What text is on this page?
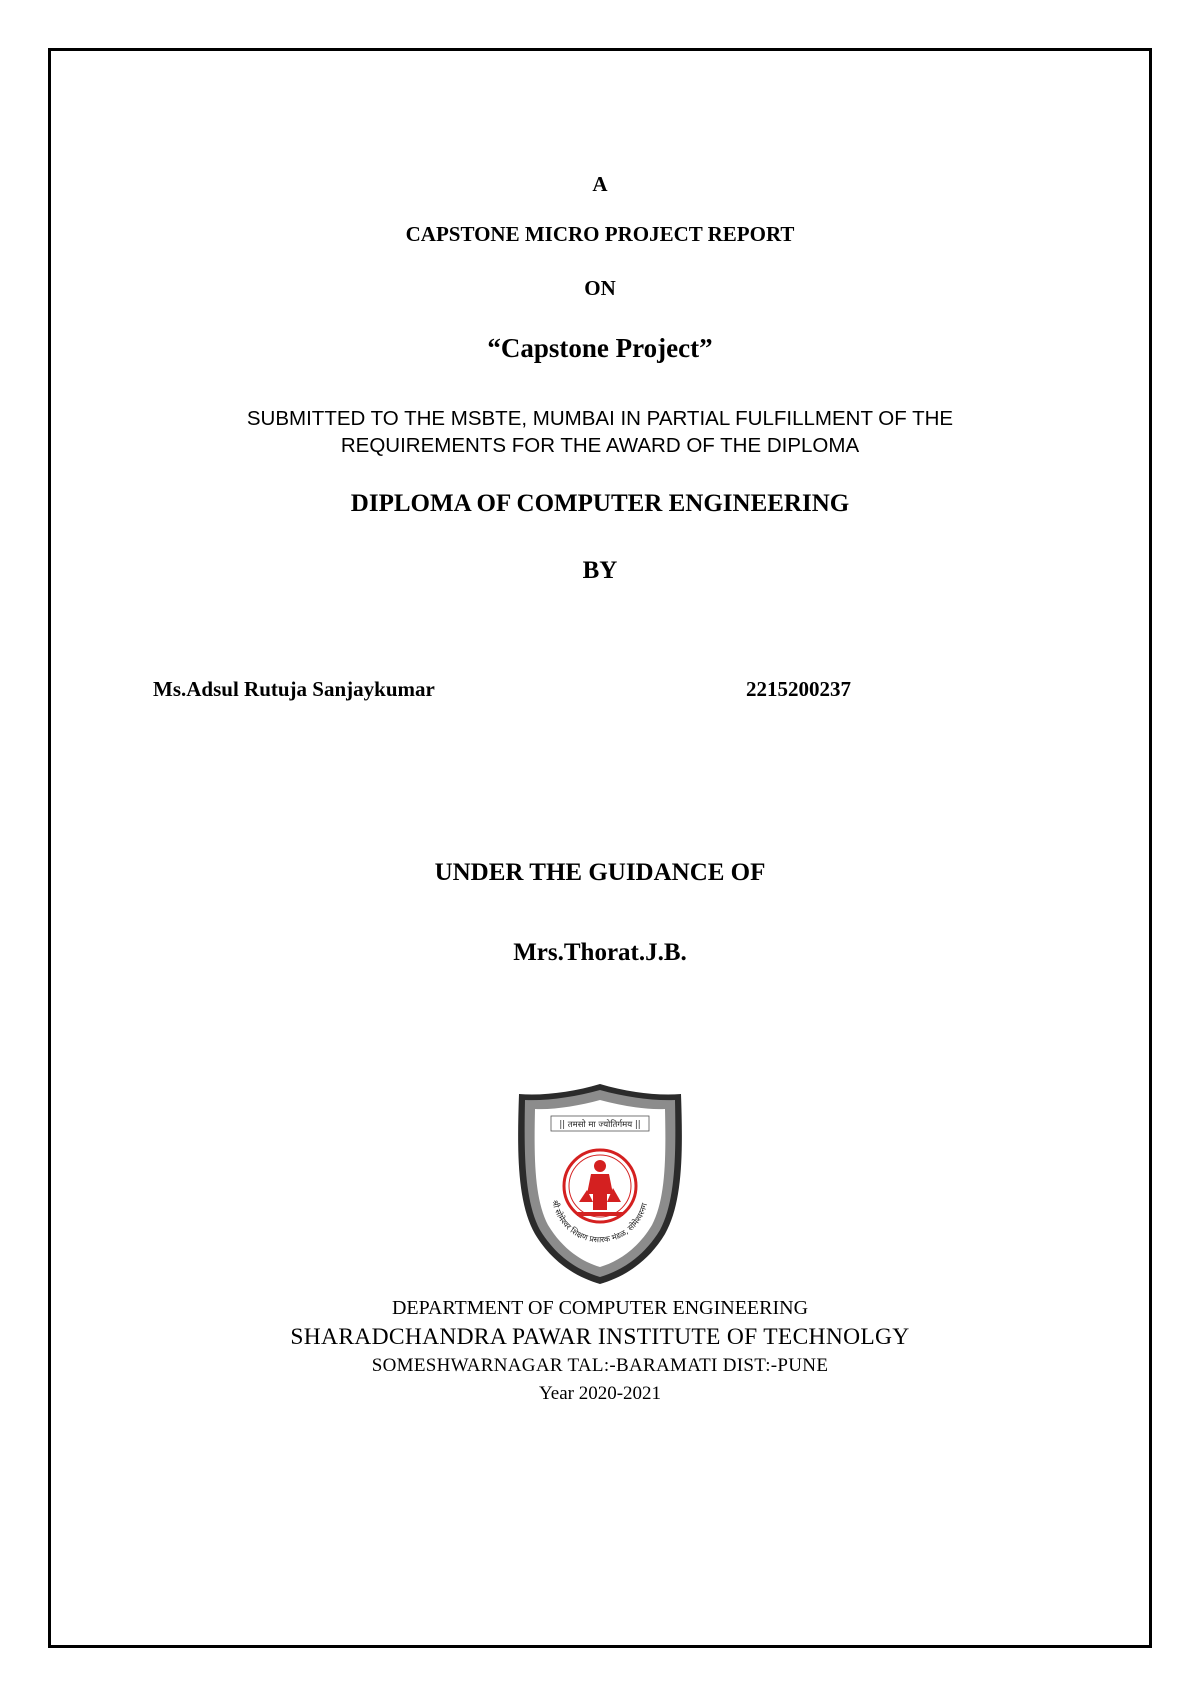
A
CAPSTONE MICRO PROJECT REPORT
ON
“Capstone Project”
SUBMITTED TO THE MSBTE, MUMBAI IN PARTIAL FULFILLMENT OF THE
REQUIREMENTS FOR THE AWARD OF THE DIPLOMA
DIPLOMA OF COMPUTER ENGINEERING
BY
Ms.Adsul Rutuja Sanjaykumar	2215200237
UNDER THE GUIDANCE OF
Mrs.Thorat.J.B.
|| तमसो मा ज्योतिर्गमय ||
श्री सोमेश्वर शिक्षण प्रसारक मंडळ, सोमेश्वरनग
DEPARTMENT OF COMPUTER ENGINEERING
SHARADCHANDRA PAWAR INSTITUTE OF TECHNOLGY
SOMESHWARNAGAR TAL:-BARAMATI DIST:-PUNE
Year 2020-2021
